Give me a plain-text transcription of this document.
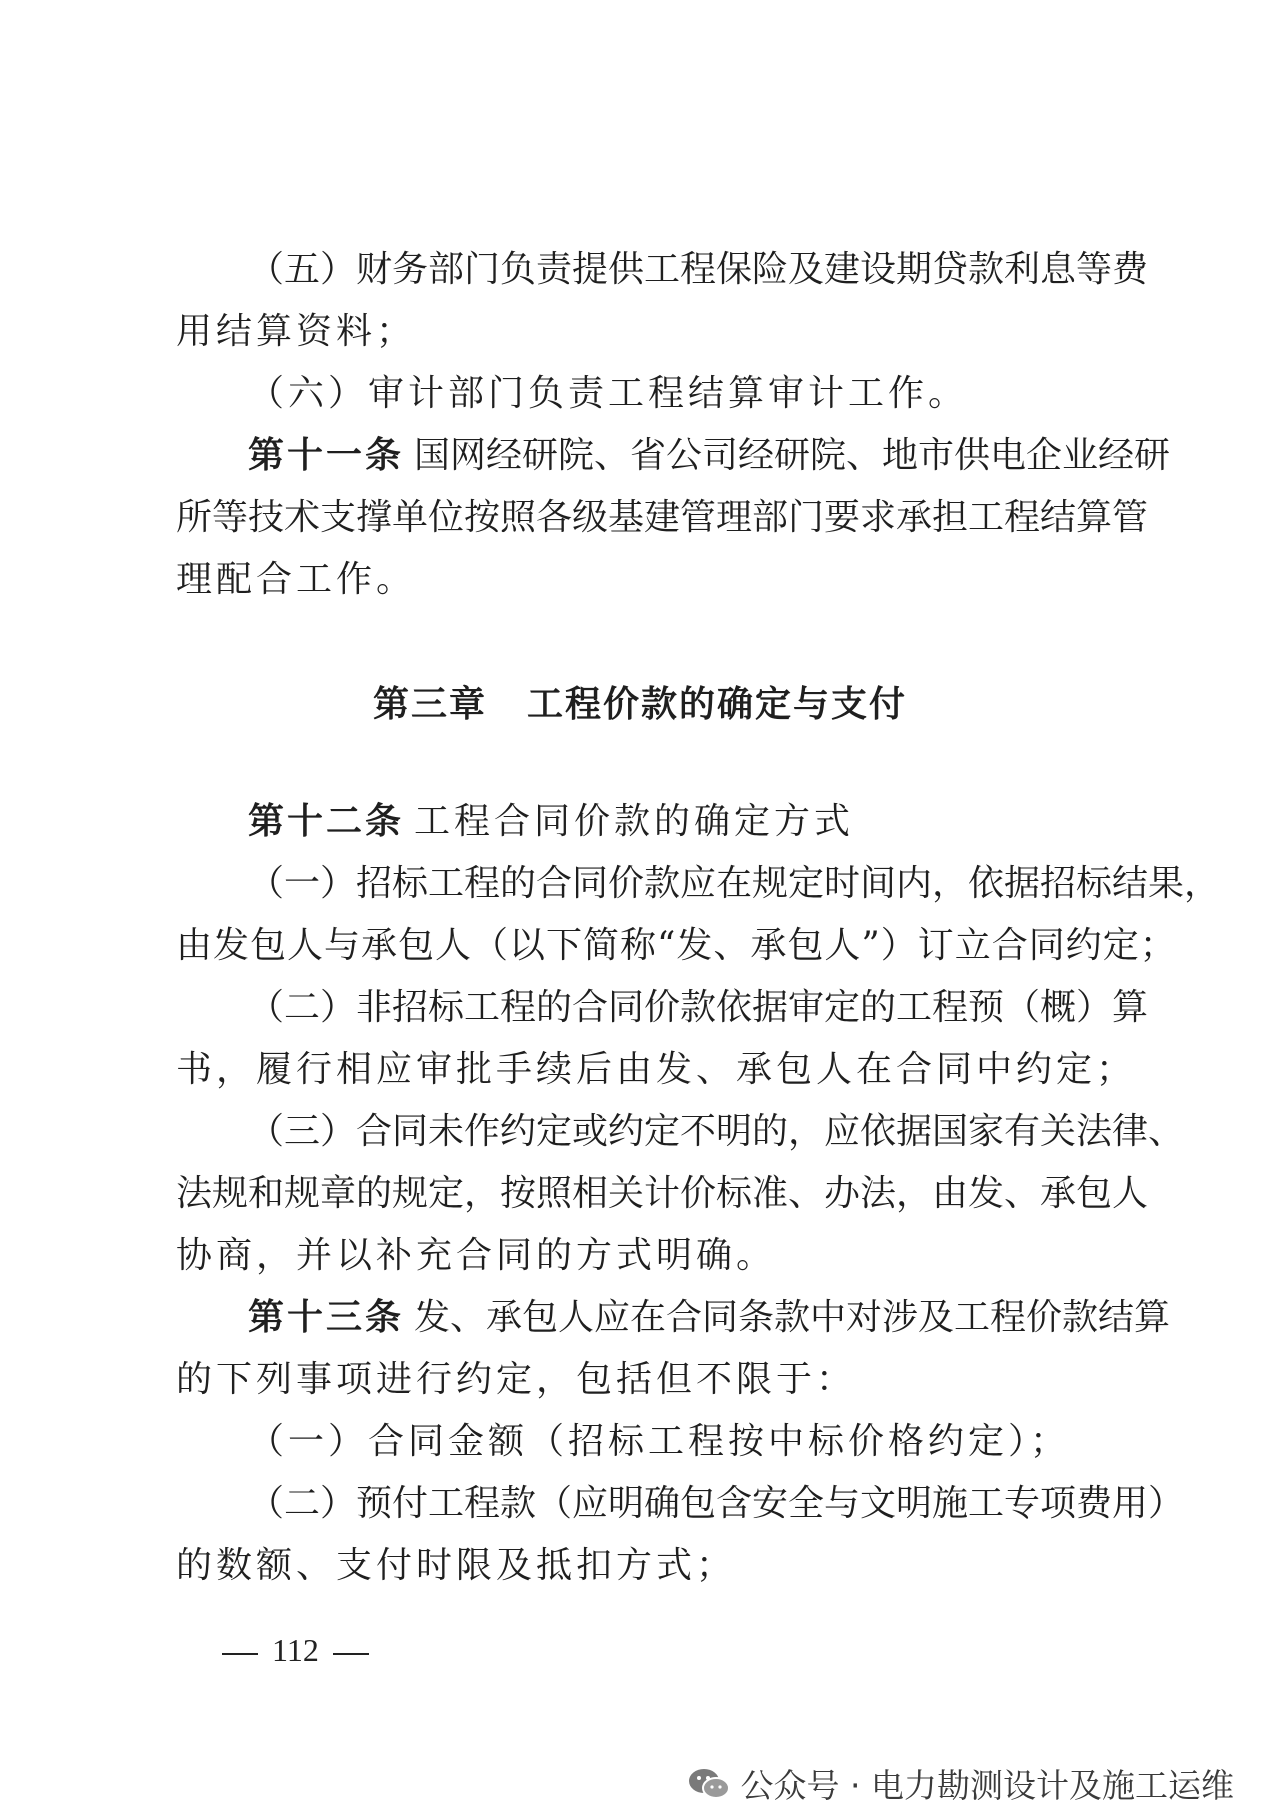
（五）财务部门负责提供工程保险及建设期贷款利息等费
用结算资料；
（六）审计部门负责工程结算审计工作。
第十一条 国网经研院、省公司经研院、地市供电企业经研
所等技术支撑单位按照各级基建管理部门要求承担工程结算管
理配合工作。
第三章 工程价款的确定与支付
第十二条 工程合同价款的确定方式
（一）招标工程的合同价款应在规定时间内，依据招标结果，
由发包人与承包人（以下简称“发、承包人”）订立合同约定；
（二）非招标工程的合同价款依据审定的工程预（概）算
书，履行相应审批手续后由发、承包人在合同中约定；
（三）合同未作约定或约定不明的，应依据国家有关法律、
法规和规章的规定，按照相关计价标准、办法，由发、承包人
协商，并以补充合同的方式明确。
第十三条 发、承包人应在合同条款中对涉及工程价款结算
的下列事项进行约定，包括但不限于：
（一）合同金额（招标工程按中标价格约定）；
（二）预付工程款（应明确包含安全与文明施工专项费用）
的数额、支付时限及抵扣方式；
112
公众号 · 电力勘测设计及施工运维
